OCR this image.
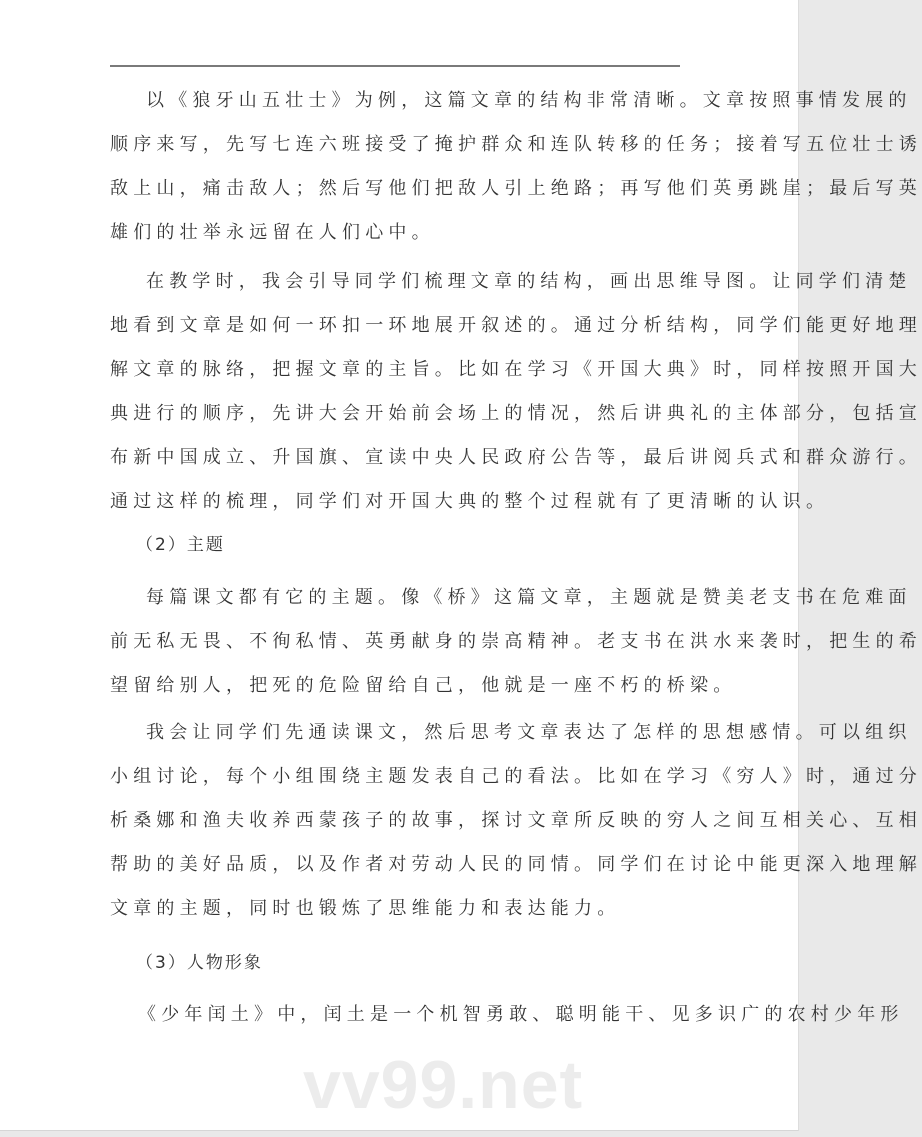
以《狼牙山五壮士》为例，这篇文章的结构非常清晰。文章按照事情发展的
顺序来写，先写七连六班接受了掩护群众和连队转移的任务；接着写五位壮士诱
敌上山，痛击敌人；然后写他们把敌人引上绝路；再写他们英勇跳崖；最后写英
雄们的壮举永远留在人们心中。
在教学时，我会引导同学们梳理文章的结构，画出思维导图。让同学们清楚
地看到文章是如何一环扣一环地展开叙述的。通过分析结构，同学们能更好地理
解文章的脉络，把握文章的主旨。比如在学习《开国大典》时，同样按照开国大
典进行的顺序，先讲大会开始前会场上的情况，然后讲典礼的主体部分，包括宣
布新中国成立、升国旗、宣读中央人民政府公告等，最后讲阅兵式和群众游行。
通过这样的梳理，同学们对开国大典的整个过程就有了更清晰的认识。
（2）主题
每篇课文都有它的主题。像《桥》这篇文章，主题就是赞美老支书在危难面
前无私无畏、不徇私情、英勇献身的崇高精神。老支书在洪水来袭时，把生的希
望留给别人，把死的危险留给自己，他就是一座不朽的桥梁。
我会让同学们先通读课文，然后思考文章表达了怎样的思想感情。可以组织
小组讨论，每个小组围绕主题发表自己的看法。比如在学习《穷人》时，通过分
析桑娜和渔夫收养西蒙孩子的故事，探讨文章所反映的穷人之间互相关心、互相
帮助的美好品质，以及作者对劳动人民的同情。同学们在讨论中能更深入地理解
文章的主题，同时也锻炼了思维能力和表达能力。
（3）人物形象
《少年闰土》中，闰土是一个机智勇敢、聪明能干、见多识广的农村少年形
vv99.net
